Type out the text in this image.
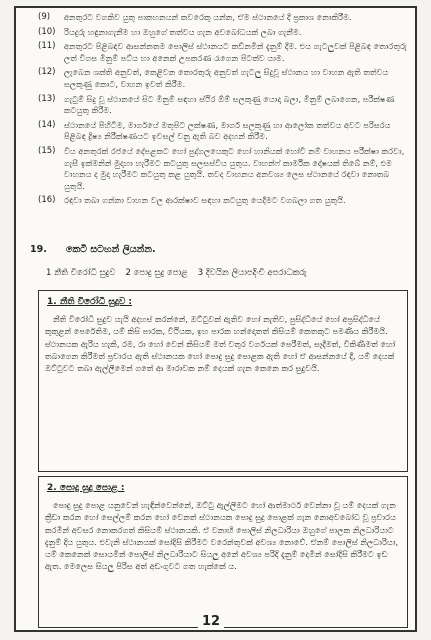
(9)	අනතුරට වගකිව යුතු පාකහනයන් කවරෙකු යන්න, ඒම ස්ථානයේ දී ප්‍රකාශ නොකිරීම.
(10)	රියදුරු හඳුනාගැනීම හා ඔහුගේ තත්වය ගැන අවබෝධයක් ලබා ගැනීම.
(11)	අනතුරට පිළිබඳව ආසන්නතම පොලිස් ස්ථානයට කඩිනමින් දැනුම් දීම. එය ගැටලුවක් පිළිබඳ තොරතුරු ලත් විගස මිනුම් පට්ය හා අනෙක් උපකරණ රැගෙන පිටත්ව යාම.
(12)	ලැබෙන ශක්ති අනුවත්, කෙළිවන තොරතුරු අනුවත් ගැටලු සිදුවූ ස්ථානය හා වාහන ඇති තත්වය සලකුණු කොට, වාහන ඉවත් කිරීම.
(13)	ගැටුම් සිදු වූ ස්ථානයේ සිට මිනුම් සඳහා ස්ථිර ඕම් සලකුණු යොදා බලා, මිනුම් ලබාගෙන, පරීක්ෂණ කටයුතු කිරීම.
(14)	ස්ථානයේ පිහිටීම, මාර්ගයේ මතුපිට ලක්ෂණ, මාර්ග සලකුණු හා ආලෝක තත්වය අවට පරිසරය පිළිබඳ ද්‍රිෂ්‍ය නිරීක්ෂණයට ඉවසල් වනු ඇති බව අදහන් කිරීම.
(15)	විය අනතුරක් රජයේ දේපළකට හෝ පුද්ගලයෙකුට හෝ හානියක් හෝවී නම් වාහනය පරීක්ෂා කරවා, ගැසී ඉක්මනින් මුදාහා හැරීමට කටයුතු සලසස්විය යුතුය. වාහන්ෆ් කාර්මික දෝෂයක් තිබේ නම්, එම වාහනය ද මුදා හැරීමට කටයුතු කළ යුතුයි. තවද වාහනය අනවශ්‍ය ලෙස ස්ථානයේ රඳවා නොතබ යුතුයි.
(16)	රඳවා තබා ගන්නා වාහන වල ආරක්ෂාව සඳහා කටයුතු යෙදීමට වගබලා ගත යුතුයි.
19. කෙටි සටහන් ලියන්න.
1 නීති විරෝධී සුදුව 2 පොදු සුදු පොළ 3 දිවයින ලියාපදිංචි අපරාධකරු
1. නීති විරෝධී සුදුව :
නීති විරෝධී සුදුව යැයි අදහස් කරන්නේ, ඔට්ටුවක් ඇතිව හෝ නැතිව, පුසිද්ධියේ හෝ අප්‍රසිද්ධියේ කුකුළන් පෙරේතිම, යම් කිසි පාරක, විථියක, ඉහ පාරක හන්දොතත් කිසියම් කෙතකුට පමණිය කිරීමයි. ස්ථානයක ඇරිය හැකි, රම, රා හෝ වෙන් කිසියම් මත් වතුර වර්ගයක් පෙරීමත්, සෑදීමත්, විකිණීමත් හෝ තබාගෙන කිරීමත් ප්‍රචාරය ඇති ස්ථානයක හෝ පොදු සුදු පොළක ඇති හෝ ඒ ආසන්නයේ දී, යම් දෙයක් ඔට්ටුවට තබා ඇල්ලීමෙන් ගතේ ආ මාරාවක නම් දෙයක් ගැන කෙනෙ කර සුදුවයි.
2. පොදු සුදු පොළ :
පොදු සුදු පොළ යනුවෙන් හැඳින්වෙන්නේ, ඔට්ටු ඇල්ලීමට හෝ ආත්මාර්ථ වෙන්නා වූ යම් දෙයක් ගැන ක්‍රීඩා කරන හෝ සෙල්ලම් කරන හෝ වෙනත් ස්ථානයක පොදු සුදු පොළක් ගැන නොඅවබෝධ වූ ප්‍රචාරය කරමින් අවසර නොකරගත් කිසියම් ස්ථානයකි. ඒ වනාහි පොලිස් නිලධාරියා ඔහුගේ පාලක නිලධාරියාට දැනුම් දිය යුතුය. එවැනි ස්ථානයක් සෝදිසි කිරීමට වරෙන්තුවක් අවශ්‍ය නොවේ. ඒනම් පොලිස් නිලධාරියා, යම් කෙනෙක් සොයමින් පොලිස් නිලධාරියාට සියලු අනේ අවශ්‍ය පරිදි දැනුම් දෙමින් සෝදිසි කිරීමට ඉඩ ඇත. මෙලෙස සියලු පිරිස අත් අඩංගුවට ගත හැක්කේ ය.
12
